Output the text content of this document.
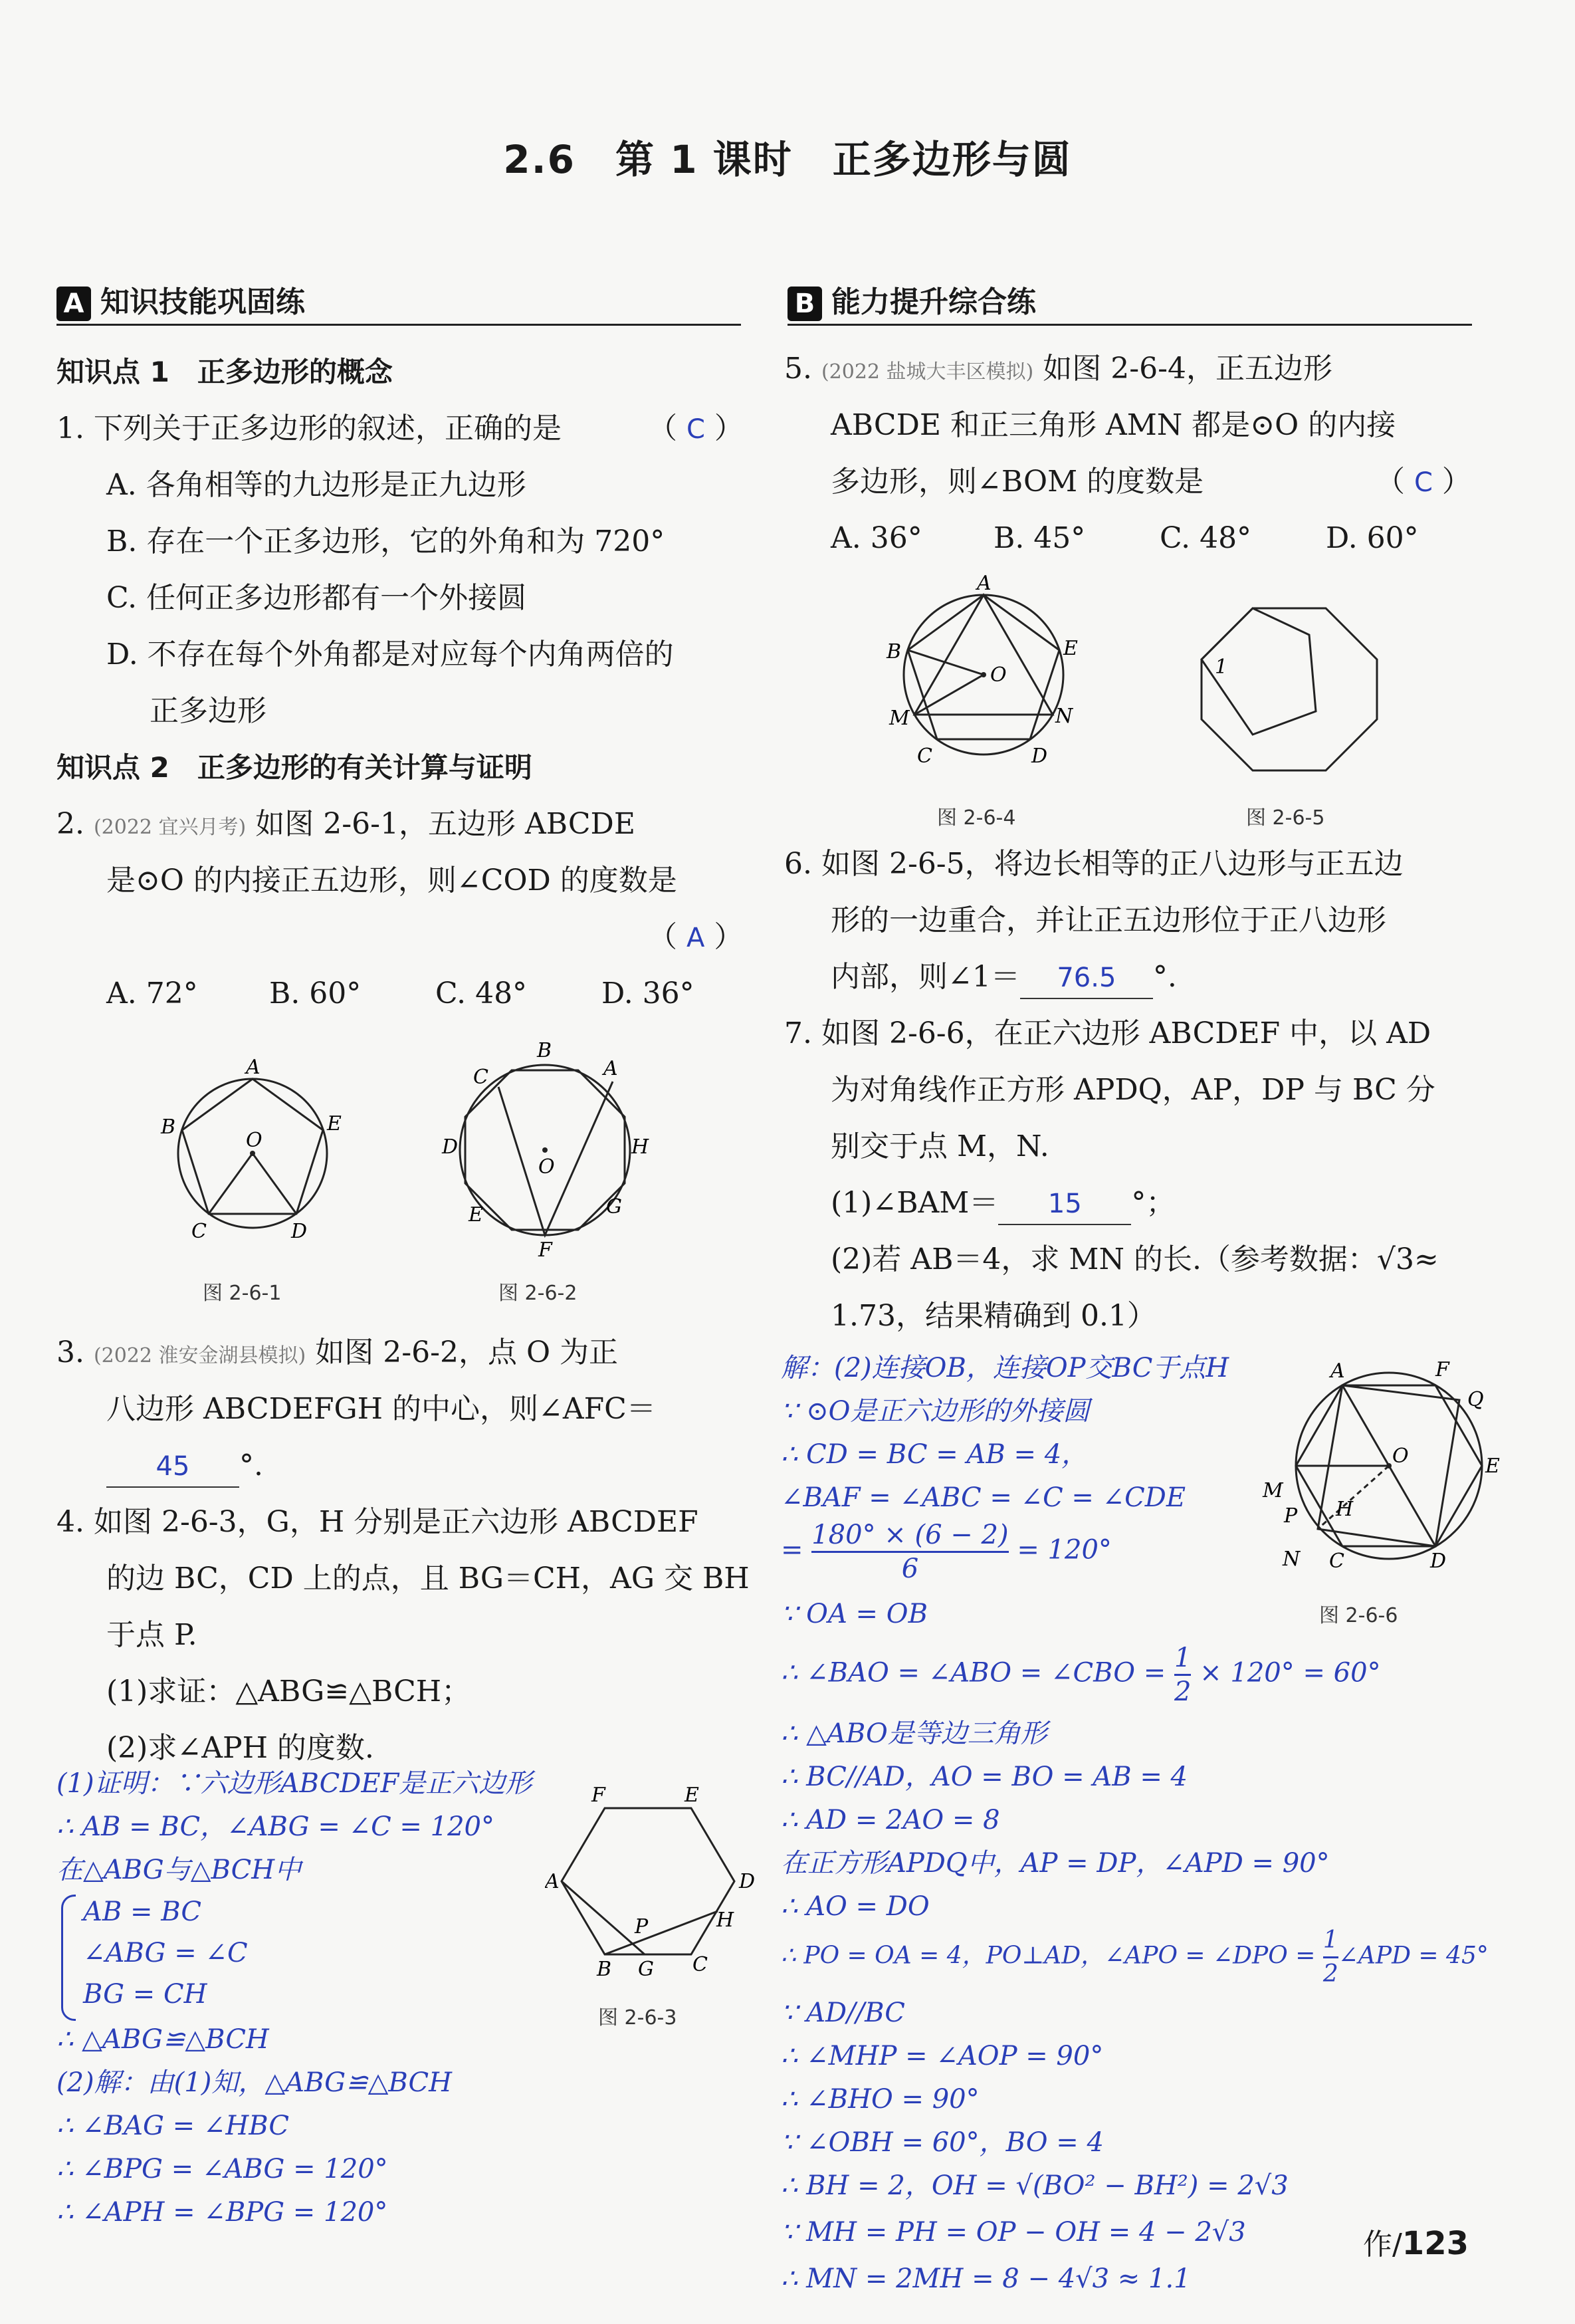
2.6　第 1 课时　正多边形与圆
A 知识技能巩固练	B 能力提升综合练
知识点 1　正多边形的概念
1. 下列关于正多边形的叙述，正确的是	（ C ）
A. 各角相等的九边形是正九边形
B. 存在一个正多边形，它的外角和为 720°
C. 任何正多边形都有一个外接圆
D. 不存在每个外角都是对应每个内角两倍的
正多边形
知识点 2　正多边形的有关计算与证明
2. (2022 宜兴月考) 如图 2-6-1，五边形 ABCDE
是⊙O 的内接正五边形，则∠COD 的度数是
（ A ）
A. 72° B. 60°	C. 48°	D. 36°
A
B
O
E
C	D
图 2-6-1
B
C	A
D
O
H
E	G
F
图 2-6-2
3. (2022 淮安金湖县模拟) 如图 2-6-2，点 O 为正
八边形 ABCDEFGH 的中心，则∠AFC＝
45 °.
4. 如图 2-6-3，G，H 分别是正六边形 ABCDEF
的边 BC，CD 上的点，且 BG＝CH，AG 交 BH
于点 P.
(1)求证：△ABG≌△BCH；
(2)求∠APH 的度数.
F	E
A	D
P	H
B G C
图 2-6-3
(1)证明：∵六边形ABCDEF是正六边形
∴ AB = BC，∠ABG = ∠C = 120°
在△ABG与△BCH中
AB = BC
∠ABG = ∠C
BG = CH
∴ △ABG≌△BCH
(2)解：由(1)知，△ABG≌△BCH
∴ ∠BAG = ∠HBC
∴ ∠BPG = ∠ABG = 120°
∴ ∠APH = ∠BPG = 120°
5. (2022 盐城大丰区模拟) 如图 2-6-4，正五边形
ABCDE 和正三角形 AMN 都是⊙O 的内接
多边形，则∠BOM 的度数是	（ C ）
A. 36° B. 45°	C. 48°	D. 60°
A
B	E
O
M	N
C	D
图 2-6-4
1
图 2-6-5
6. 如图 2-6-5，将边长相等的正八边形与正五边
形的一边重合，并让正五边形位于正八边形
内部，则∠1＝ 76.5 °.
7. 如图 2-6-6，在正六边形 ABCDEF 中，以 AD
为对角线作正方形 APDQ，AP，DP 与 BC 分
别交于点 M，N.
(1)∠BAM＝ 15 °；
(2)若 AB＝4，求 MN 的长.（参考数据：√3≈
1.73，结果精确到 0.1）
A	F
Q
E
O
M
H
P
N C	D
图 2-6-6
解：(2)连接OB，连接OP交BC于点H
∵ ⊙O是正六边形的外接圆
∴ CD = BC = AB = 4，
∠BAF = ∠ABC = ∠C = ∠CDE
= $\frac{180^\circ \times (6 - 2)}{6} = 120^\circ$
∵ OA = OB
∴ ∠BAO = ∠ABO = ∠CBO = $\frac{1}{2} \times 120^\circ = 60^\circ$
∴ △ABO是等边三角形
∴ BC//AD，AO = BO = AB = 4
∴ AD = 2AO = 8
在正方形APDQ中，AP = DP，∠APD = 90°
∴ AO = DO
∴ PO = OA = 4，PO⊥AD，∠APO = ∠DPO = $\frac{1}{2}$ ∠APD = 45°
∵ AD//BC
∴ ∠MHP = ∠AOP = 90°
∴ ∠BHO = 90°
∵ ∠OBH = 60°，BO = 4
∴ BH = 2，OH = √(BO² − BH²) = 2√3
∵ MH = PH = OP − OH = 4 − 2√3
∴ MN = 2MH = 8 − 4√3 ≈ 1.1
作/123
